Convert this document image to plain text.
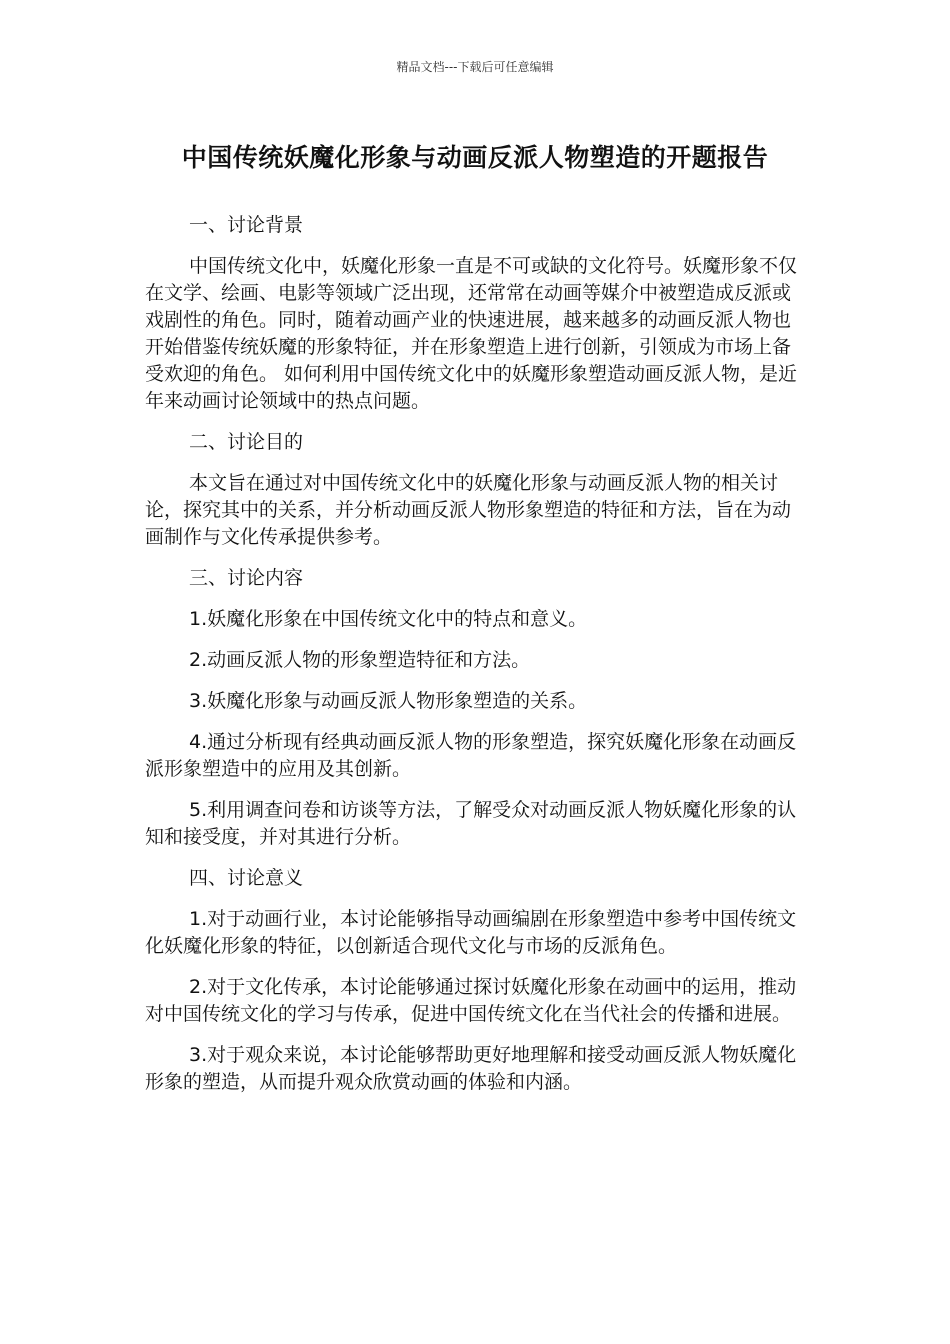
精品文档---下载后可任意编辑
中国传统妖魔化形象与动画反派人物塑造的开题报告

一、讨论背景

中国传统文化中，妖魔化形象一直是不可或缺的文化符号。妖魔形象不仅在文学、绘画、电影等领域广泛出现，还常常在动画等媒介中被塑造成反派或戏剧性的角色。同时，随着动画产业的快速进展，越来越多的动画反派人物也开始借鉴传统妖魔的形象特征，并在形象塑造上进行创新，引领成为市场上备受欢迎的角色。 如何利用中国传统文化中的妖魔形象塑造动画反派人物，是近年来动画讨论领域中的热点问题。

二、讨论目的

本文旨在通过对中国传统文化中的妖魔化形象与动画反派人物的相关讨论，探究其中的关系，并分析动画反派人物形象塑造的特征和方法，旨在为动画制作与文化传承提供参考。

三、讨论内容

1.妖魔化形象在中国传统文化中的特点和意义。

2.动画反派人物的形象塑造特征和方法。

3.妖魔化形象与动画反派人物形象塑造的关系。

4.通过分析现有经典动画反派人物的形象塑造，探究妖魔化形象在动画反派形象塑造中的应用及其创新。

5.利用调查问卷和访谈等方法，了解受众对动画反派人物妖魔化形象的认知和接受度，并对其进行分析。

四、讨论意义

1.对于动画行业，本讨论能够指导动画编剧在形象塑造中参考中国传统文化妖魔化形象的特征，以创新适合现代文化与市场的反派角色。

2.对于文化传承，本讨论能够通过探讨妖魔化形象在动画中的运用，推动对中国传统文化的学习与传承，促进中国传统文化在当代社会的传播和进展。

3.对于观众来说，本讨论能够帮助更好地理解和接受动画反派人物妖魔化形象的塑造，从而提升观众欣赏动画的体验和内涵。
